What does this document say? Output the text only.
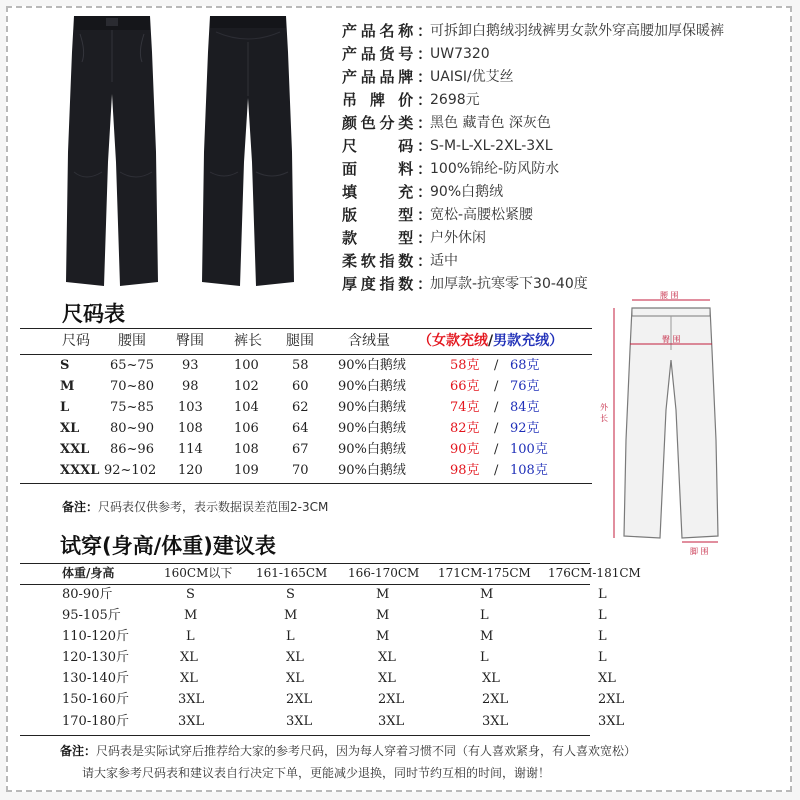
产品名称：
可拆卸白鹅绒羽绒裤男女款外穿高腰加厚保暖裤
产品货号：
UW7320
产品品牌：
UAISI/优艾丝
吊 牌 价：
2698元
颜色分类：
黑色 藏青色 深灰色
尺　　码：
S-M-L-XL-2XL-3XL
面　　料：
100%锦纶-防风防水
填　　充：
90%白鹅绒
版　　型：
宽松-高腰松紧腰
款　　型：
户外休闲
柔软指数：
适中
厚度指数：
加厚款-抗寒零下30-40度
尺码表
尺码 腰围 臀围 裤长 腿围 含绒量 （女款充绒/男款充绒）
S	65~75 93	100	58 90%白鹅绒	58克 / 68克
M	70~80 98	102	60 90%白鹅绒	66克 / 76克
L	75~85 103 104	62 90%白鹅绒	74克 / 84克
XL 80~90 108 106	64 90%白鹅绒	82克 / 92克
XXL 86~96 114 108	67 90%白鹅绒	90克 / 100克
XXXL 92~102 120 109	70 90%白鹅绒	98克 / 108克
备注：尺码表仅供参考，表示数据误差范围2-3CM
腰 围
臀 围
外长
脚 围
试穿(身高/体重)建议表
体重/身高	160CM以下 161-165CM 166-170CM 171CM-175CM 176CM-181CM
80-90斤	S	S	M	M	L
95-105斤	M	M	M	L	L
110-120斤	L	L	M	M	L
120-130斤	XL	XL	XL	L	L
130-140斤	XL	XL	XL	XL	XL
150-160斤	3XL	2XL	2XL	2XL	2XL
170-180斤	3XL	3XL	3XL	3XL	3XL
备注：尺码表是实际试穿后推荐给大家的参考尺码，因为每人穿着习惯不同（有人喜欢紧身，有人喜欢宽松）
请大家参考尺码表和建议表自行决定下单，更能减少退换，同时节约互相的时间，谢谢！
